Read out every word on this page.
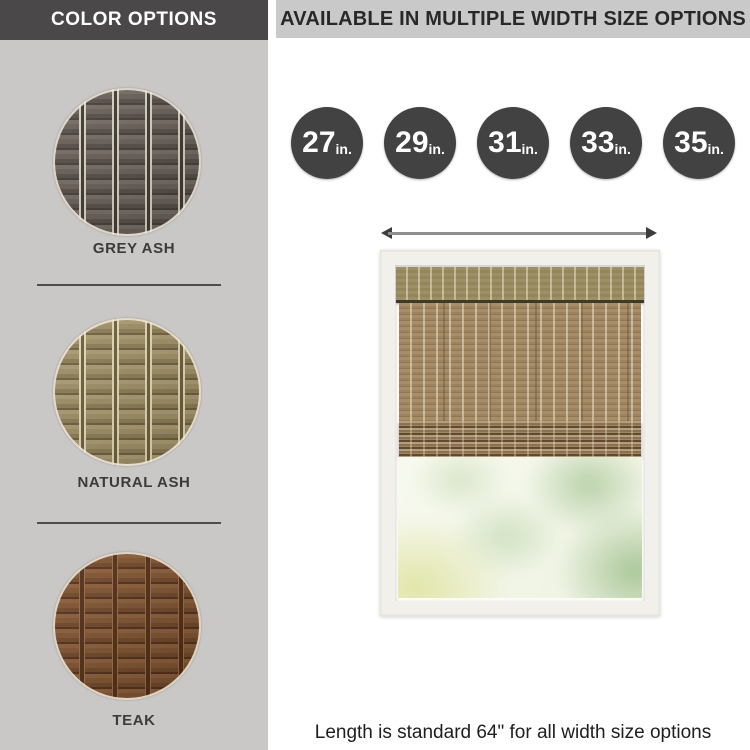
COLOR OPTIONS
GREY ASH
NATURAL ASH
TEAK
AVAILABLE IN MULTIPLE WIDTH SIZE OPTIONS
27 in. 29 in. 31 in. 33 in. 35 in.
Length is standard 64" for all width size options
